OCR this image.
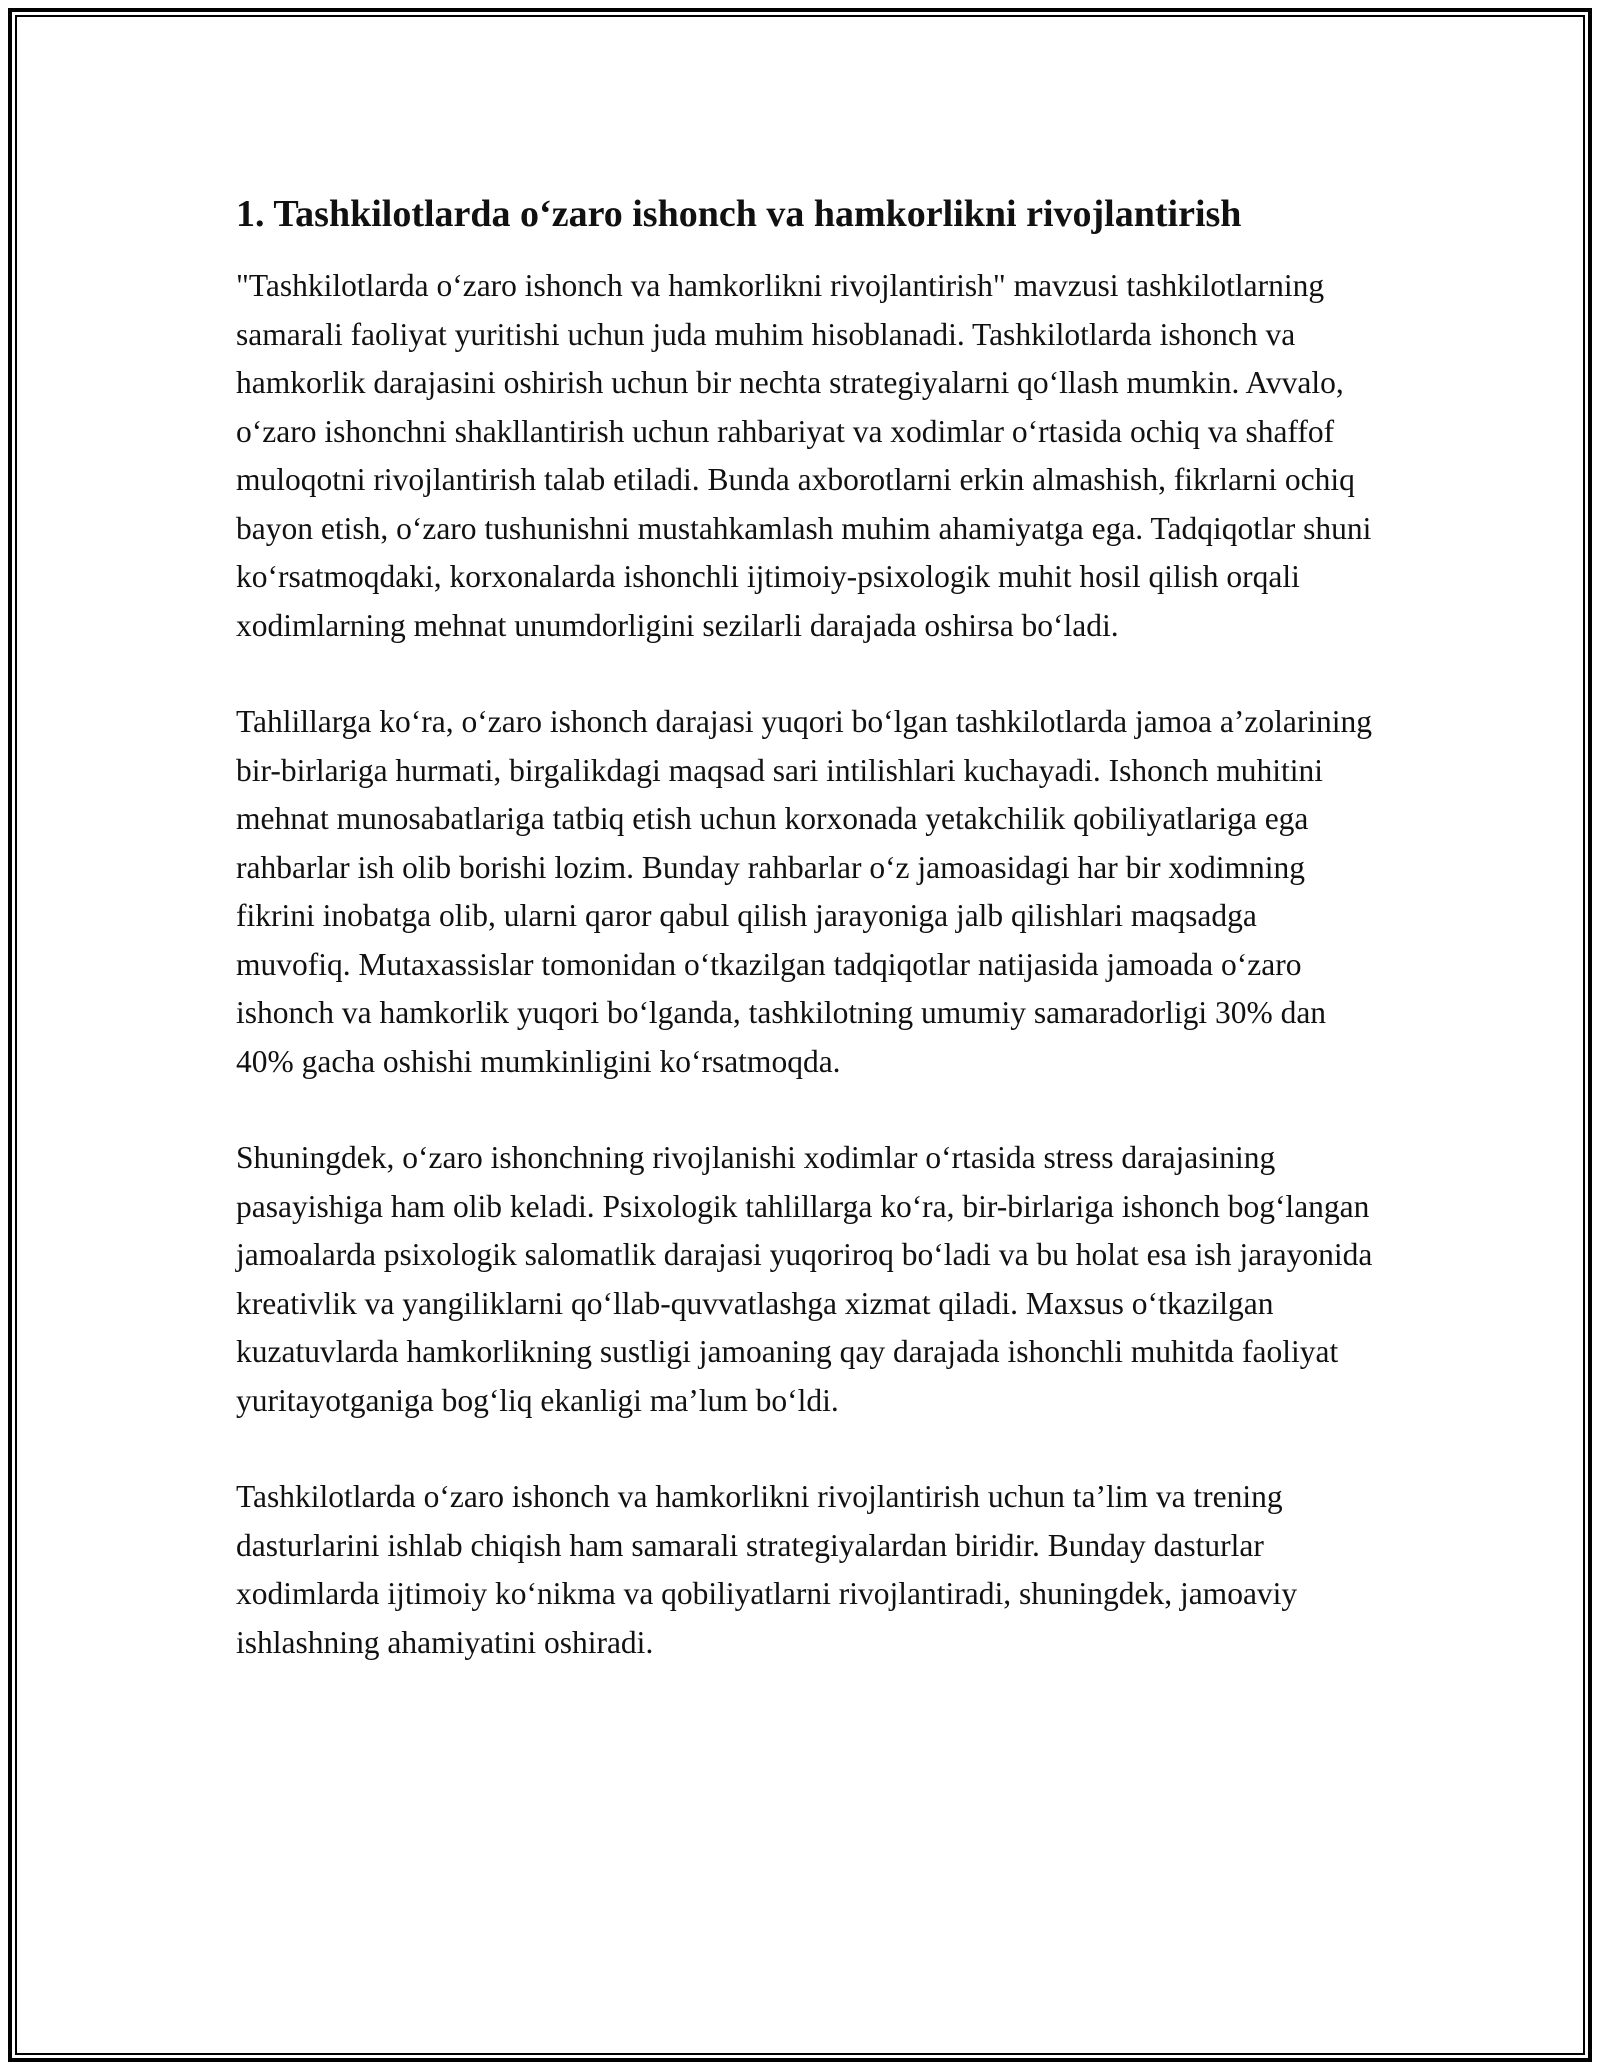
1. Tashkilotlarda o‘zaro ishonch va hamkorlikni rivojlantirish

"Tashkilotlarda o‘zaro ishonch va hamkorlikni rivojlantirish" mavzusi tashkilotlarning samarali faoliyat yuritishi uchun juda muhim hisoblanadi. Tashkilotlarda ishonch va hamkorlik darajasini oshirish uchun bir nechta strategiyalarni qo‘llash mumkin. Avvalo, o‘zaro ishonchni shakllantirish uchun rahbariyat va xodimlar o‘rtasida ochiq va shaffof muloqotni rivojlantirish talab etiladi. Bunda axborotlarni erkin almashish, fikrlarni ochiq bayon etish, o‘zaro tushunishni mustahkamlash muhim ahamiyatga ega. Tadqiqotlar shuni ko‘rsatmoqdaki, korxonalarda ishonchli ijtimoiy-psixologik muhit hosil qilish orqali xodimlarning mehnat unumdorligini sezilarli darajada oshirsa bo‘ladi.

Tahlillarga ko‘ra, o‘zaro ishonch darajasi yuqori bo‘lgan tashkilotlarda jamoa a’zolarining bir-birlariga hurmati, birgalikdagi maqsad sari intilishlari kuchayadi. Ishonch muhitini mehnat munosabatlariga tatbiq etish uchun korxonada yetakchilik qobiliyatlariga ega rahbarlar ish olib borishi lozim. Bunday rahbarlar o‘z jamoasidagi har bir xodimning fikrini inobatga olib, ularni qaror qabul qilish jarayoniga jalb qilishlari maqsadga muvofiq. Mutaxassislar tomonidan o‘tkazilgan tadqiqotlar natijasida jamoada o‘zaro ishonch va hamkorlik yuqori bo‘lganda, tashkilotning umumiy samaradorligi 30% dan 40% gacha oshishi mumkinligini ko‘rsatmoqda.

Shuningdek, o‘zaro ishonchning rivojlanishi xodimlar o‘rtasida stress darajasining pasayishiga ham olib keladi. Psixologik tahlillarga ko‘ra, bir-birlariga ishonch bog‘langan jamoalarda psixologik salomatlik darajasi yuqoriroq bo‘ladi va bu holat esa ish jarayonida kreativlik va yangiliklarni qo‘llab-quvvatlashga xizmat qiladi. Maxsus o‘tkazilgan kuzatuvlarda hamkorlikning sustligi jamoaning qay darajada ishonchli muhitda faoliyat yuritayotganiga bog‘liq ekanligi ma’lum bo‘ldi.

Tashkilotlarda o‘zaro ishonch va hamkorlikni rivojlantirish uchun ta’lim va trening dasturlarini ishlab chiqish ham samarali strategiyalardan biridir. Bunday dasturlar xodimlarda ijtimoiy ko‘nikma va qobiliyatlarni rivojlantiradi, shuningdek, jamoaviy ishlashning ahamiyatini oshiradi.
